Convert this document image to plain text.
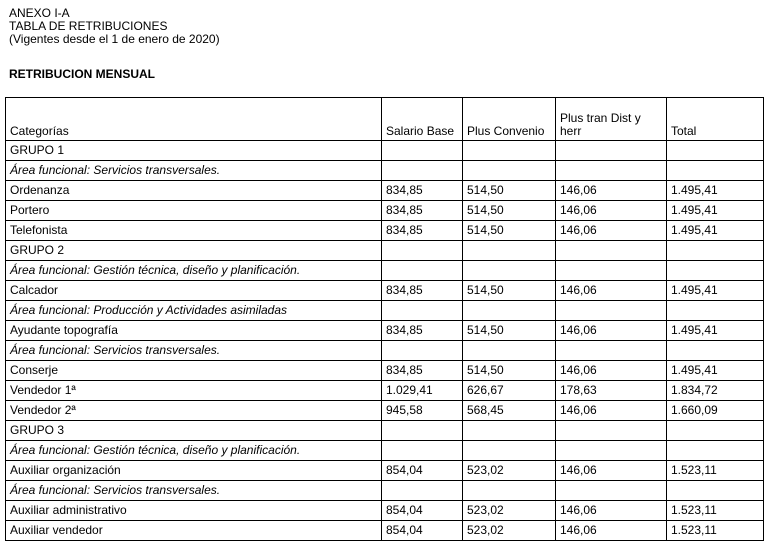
ANEXO I-A
TABLA DE RETRIBUCIONES
(Vigentes desde el 1 de enero de 2020)
RETRIBUCION MENSUAL
Categorías	Salario Base	Plus Convenio	Plus tran Dist y herr	Total
GRUPO 1				
Área funcional: Servicios transversales.				
Ordenanza	834,85	514,50	146,06	1.495,41
Portero	834,85	514,50	146,06	1.495,41
Telefonista	834,85	514,50	146,06	1.495,41
GRUPO 2				
Área funcional: Gestión técnica, diseño y planificación.				
Calcador	834,85	514,50	146,06	1.495,41
Área funcional: Producción y Actividades asimiladas				
Ayudante topografía	834,85	514,50	146,06	1.495,41
Área funcional: Servicios transversales.				
Conserje	834,85	514,50	146,06	1.495,41
Vendedor 1ª	1.029,41	626,67	178,63	1.834,72
Vendedor 2ª	945,58	568,45	146,06	1.660,09
GRUPO 3				
Área funcional: Gestión técnica, diseño y planificación.				
Auxiliar organización	854,04	523,02	146,06	1.523,11
Área funcional: Servicios transversales.				
Auxiliar administrativo	854,04	523,02	146,06	1.523,11
Auxiliar vendedor	854,04	523,02	146,06	1.523,11
